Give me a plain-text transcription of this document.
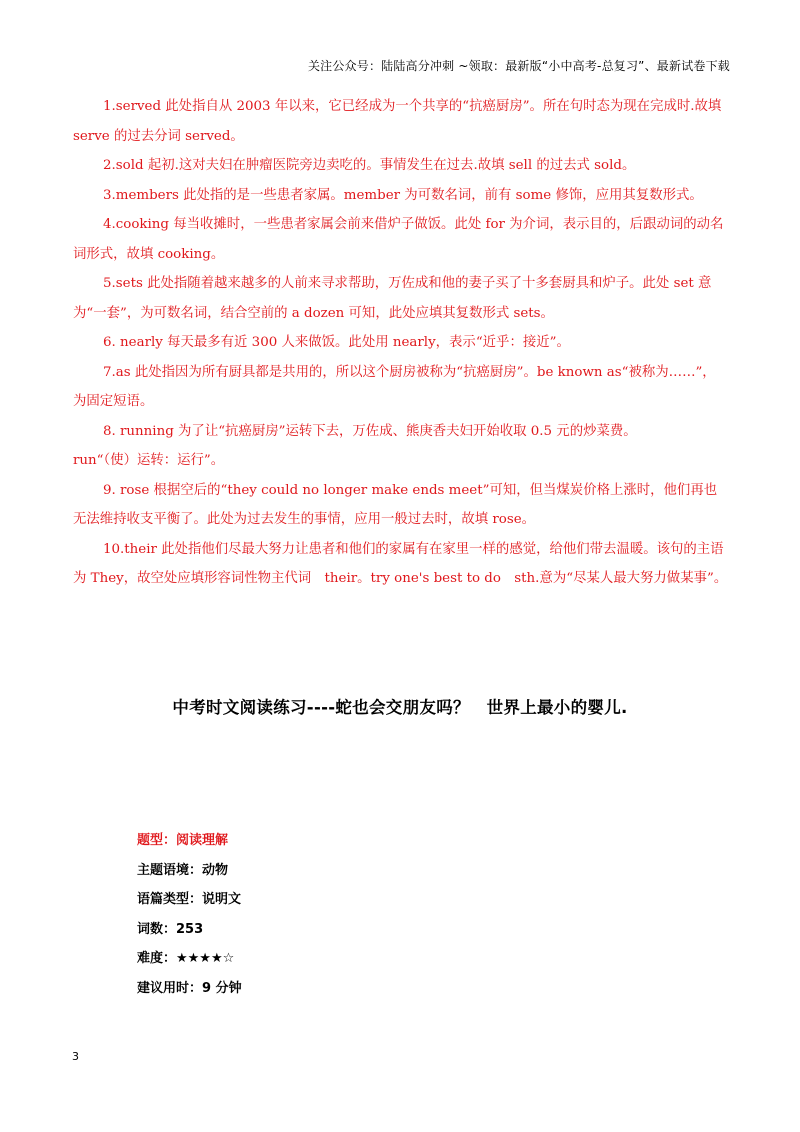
关注公众号：陆陆高分冲刺 ~领取：最新版“小中高考-总复习”、最新试卷下载

1.served 此处指自从 2003 年以来，它已经成为一个共享的“抗癌厨房”。所在句时态为现在完成时.故填 serve 的过去分词 served。

2.sold 起初.这对夫妇在肿瘤医院旁边卖吃的。事情发生在过去.故填 sell 的过去式 sold。

3.members 此处指的是一些患者家属。member 为可数名词，前有 some 修饰，应用其复数形式。

4.cooking 每当收摊时，一些患者家属会前来借炉子做饭。此处 for 为介词，表示目的，后跟动词的动名词形式，故填 cooking。

5.sets 此处指随着越来越多的人前来寻求帮助，万佐成和他的妻子买了十多套厨具和炉子。此处 set 意为“一套”，为可数名词，结合空前的 a dozen 可知，此处应填其复数形式 sets。

6. nearly 每天最多有近 300 人来做饭。此处用 nearly，表示“近乎：接近”。

7.as 此处指因为所有厨具都是共用的，所以这个厨房被称为“抗癌厨房”。be known as“被称为……”，为固定短语。

8. running 为了让“抗癌厨房”运转下去，万佐成、熊庚香夫妇开始收取 0.5 元的炒菜费。

run“（使）运转：运行”。

9. rose 根据空后的“they could no longer make ends meet”可知，但当煤炭价格上涨时，他们再也无法维持收支平衡了。此处为过去发生的事情，应用一般过去时，故填 rose。

10.their 此处指他们尽最大努力让患者和他们的家属有在家里一样的感觉，给他们带去温暖。该句的主语为 They，故空处应填形容词性物主代词　their。try one's best to do　sth.意为“尽某人最大努力做某事”。

中考时文阅读练习----蛇也会交朋友吗？　世界上最小的婴儿.
题型：阅读理解
主题语境：动物
语篇类型：说明文
词数：253
难度：★★★★☆
建议用时：9 分钟
3
